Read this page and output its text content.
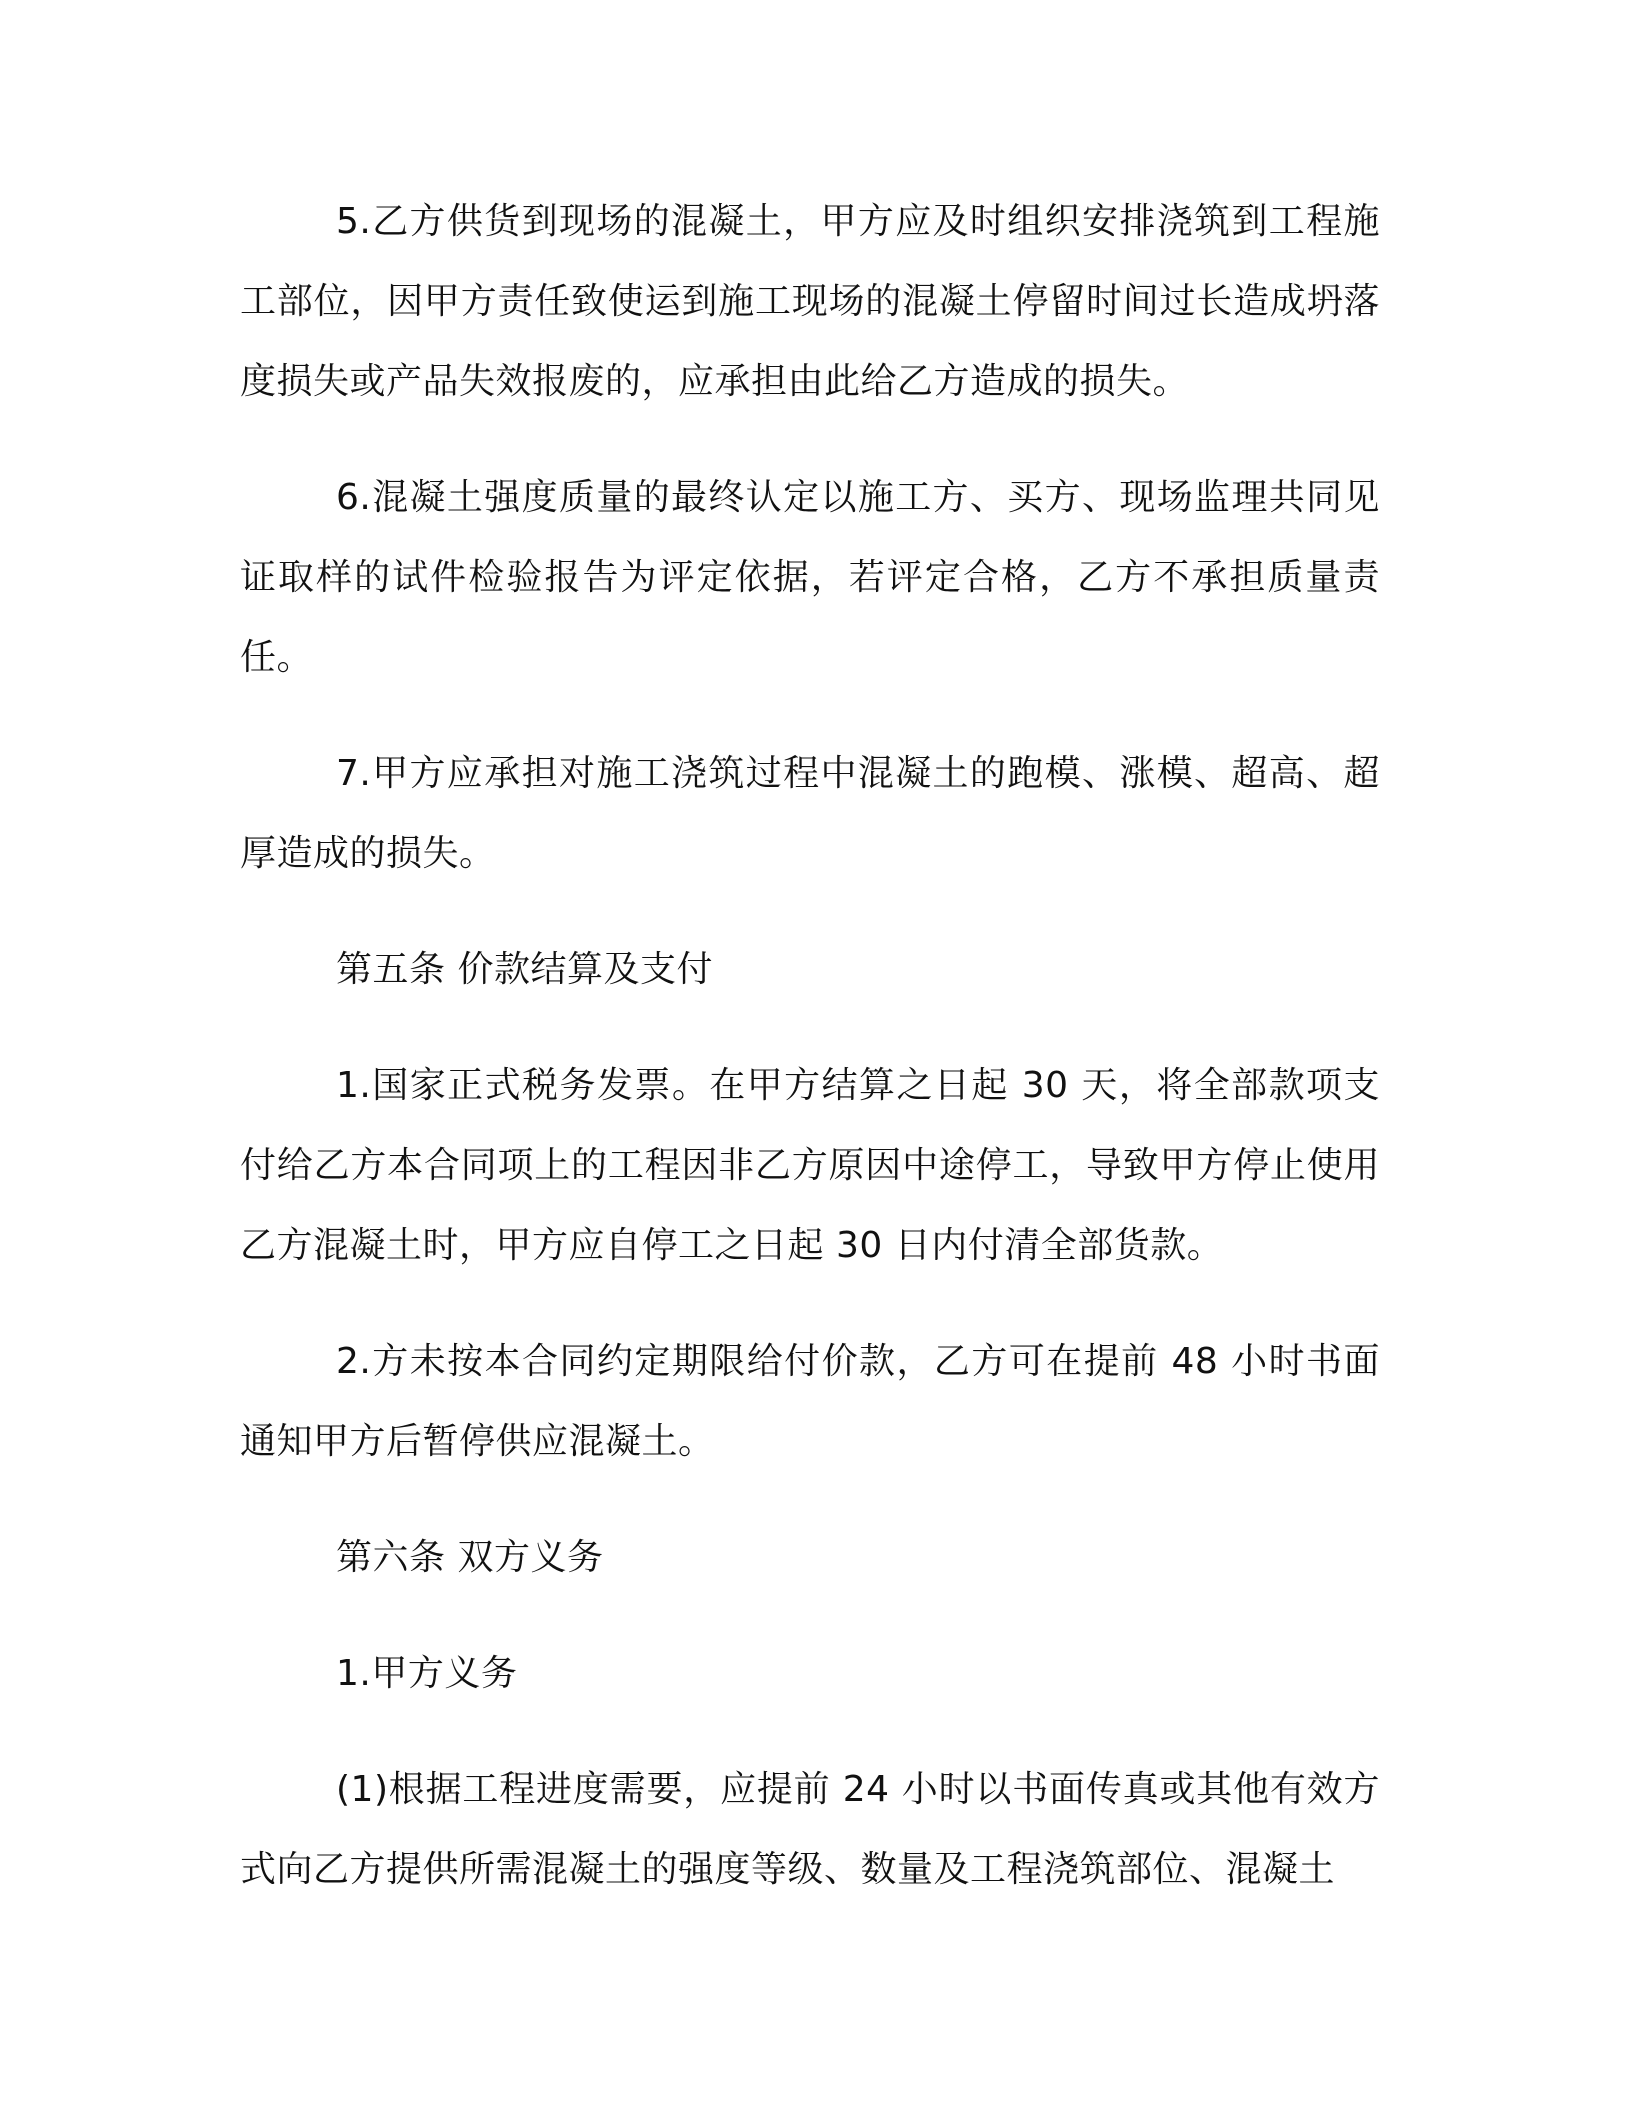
5.乙方供货到现场的混凝土，甲方应及时组织安排浇筑到工程施工部位，因甲方责任致使运到施工现场的混凝土停留时间过长造成坍落度损失或产品失效报废的，应承担由此给乙方造成的损失。

6.混凝土强度质量的最终认定以施工方、买方、现场监理共同见证取样的试件检验报告为评定依据，若评定合格，乙方不承担质量责任。

7.甲方应承担对施工浇筑过程中混凝土的跑模、涨模、超高、超厚造成的损失。

第五条 价款结算及支付

1.国家正式税务发票。在甲方结算之日起 30 天，将全部款项支付给乙方本合同项上的工程因非乙方原因中途停工，导致甲方停止使用乙方混凝土时，甲方应自停工之日起 30 日内付清全部货款。

2.方未按本合同约定期限给付价款，乙方可在提前 48 小时书面通知甲方后暂停供应混凝土。

第六条 双方义务

1.甲方义务

(1)根据工程进度需要，应提前 24 小时以书面传真或其他有效方式向乙方提供所需混凝土的强度等级、数量及工程浇筑部位、混凝土
